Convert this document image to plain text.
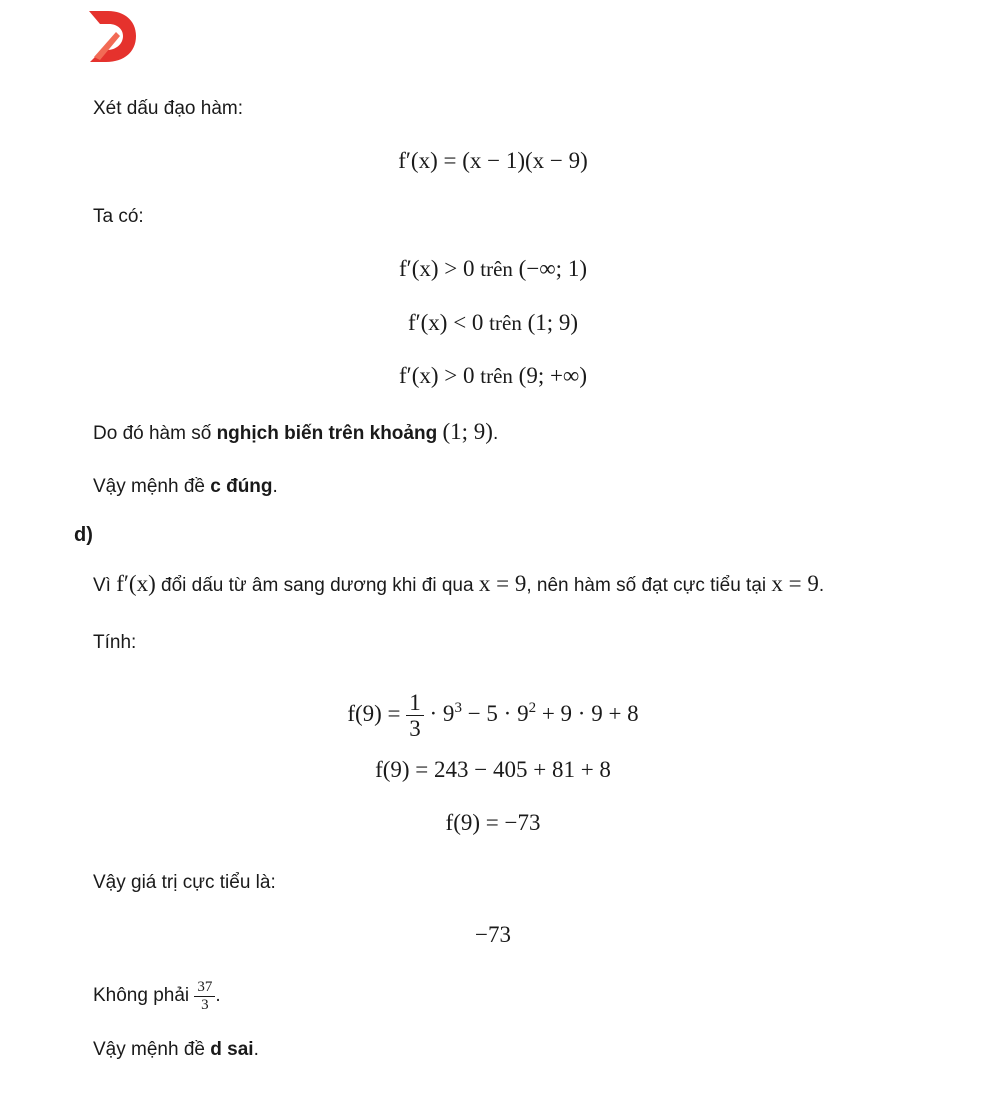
Xét dấu đạo hàm:
f′(x) = (x − 1)(x − 9)
Ta có:
f′(x) > 0 trên (−∞; 1)
f′(x) < 0 trên (1; 9)
f′(x) > 0 trên (9; +∞)
Do đó hàm số nghịch biến trên khoảng (1; 9).
Vậy mệnh đề c đúng.
d)
Vì f′(x) đổi dấu từ âm sang dương khi đi qua x = 9, nên hàm số đạt cực tiểu tại x = 9.
Tính:
$f(9) = \frac{1}{3} \cdot 9^3 - 5 \cdot 9^2 + 9 \cdot 9 + 8$
f(9) = 243 − 405 + 81 + 8
f(9) = −73
Vậy giá trị cực tiểu là:
−73
Không phải $\frac{37}{3}$ .
Vậy mệnh đề d sai.
